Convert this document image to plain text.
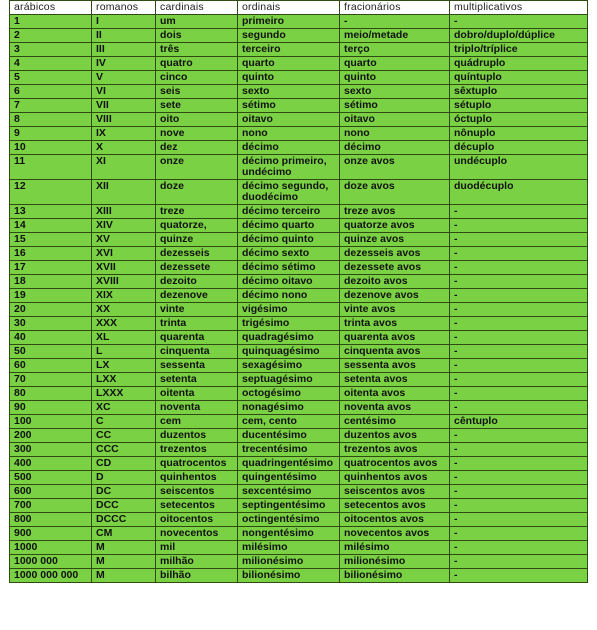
arábicos	romanos	cardinais	ordinais	fracionários	multiplicativos
1	I	um	primeiro	-	-
2	II	dois	segundo	meio/metade	dobro/duplo/dúplice
3	III	três	terceiro	terço	triplo/tríplice
4	IV	quatro	quarto	quarto	quádruplo
5	V	cinco	quinto	quinto	quíntuplo
6	VI	seis	sexto	sexto	sêxtuplo
7	VII	sete	sétimo	sétimo	sétuplo
8	VIII	oito	oitavo	oitavo	óctuplo
9	IX	nove	nono	nono	nônuplo
10	X	dez	décimo	décimo	décuplo
11	XI	onze	décimo primeiro, undécimo	onze avos	undécuplo
12	XII	doze	décimo segundo, duodécimo	doze avos	duodécuplo
13	XIII	treze	décimo terceiro	treze avos	-
14	XIV	quatorze,	décimo quarto	quatorze avos	-
15	XV	quinze	décimo quinto	quinze avos	-
16	XVI	dezesseis	décimo sexto	dezesseis avos	-
17	XVII	dezessete	décimo sétimo	dezessete avos	-
18	XVIII	dezoito	décimo oitavo	dezoito avos	-
19	XIX	dezenove	décimo nono	dezenove avos	-
20	XX	vinte	vigésimo	vinte avos	-
30	XXX	trinta	trigésimo	trinta avos	-
40	XL	quarenta	quadragésimo	quarenta avos	-
50	L	cinquenta	quinquagésimo	cinquenta avos	-
60	LX	sessenta	sexagésimo	sessenta avos	-
70	LXX	setenta	septuagésimo	setenta avos	-
80	LXXX	oitenta	octogésimo	oitenta avos	-
90	XC	noventa	nonagésimo	noventa avos	-
100	C	cem	cem, cento	centésimo	cêntuplo
200	CC	duzentos	ducentésimo	duzentos avos	-
300	CCC	trezentos	trecentésimo	trezentos avos	-
400	CD	quatrocentos	quadringentésimo	quatrocentos avos	-
500	D	quinhentos	quingentésimo	quinhentos avos	-
600	DC	seiscentos	sexcentésimo	seiscentos avos	-
700	DCC	setecentos	septingentésimo	setecentos avos	-
800	DCCC	oitocentos	octingentésimo	oitocentos avos	-
900	CM	novecentos	nongentésimo	novecentos avos	-
1000	M	mil	milésimo	milésimo	-
1000 000	M	milhão	milionésimo	milionésimo	-
1000 000 000	M	bilhão	bilionésimo	bilionésimo	-
